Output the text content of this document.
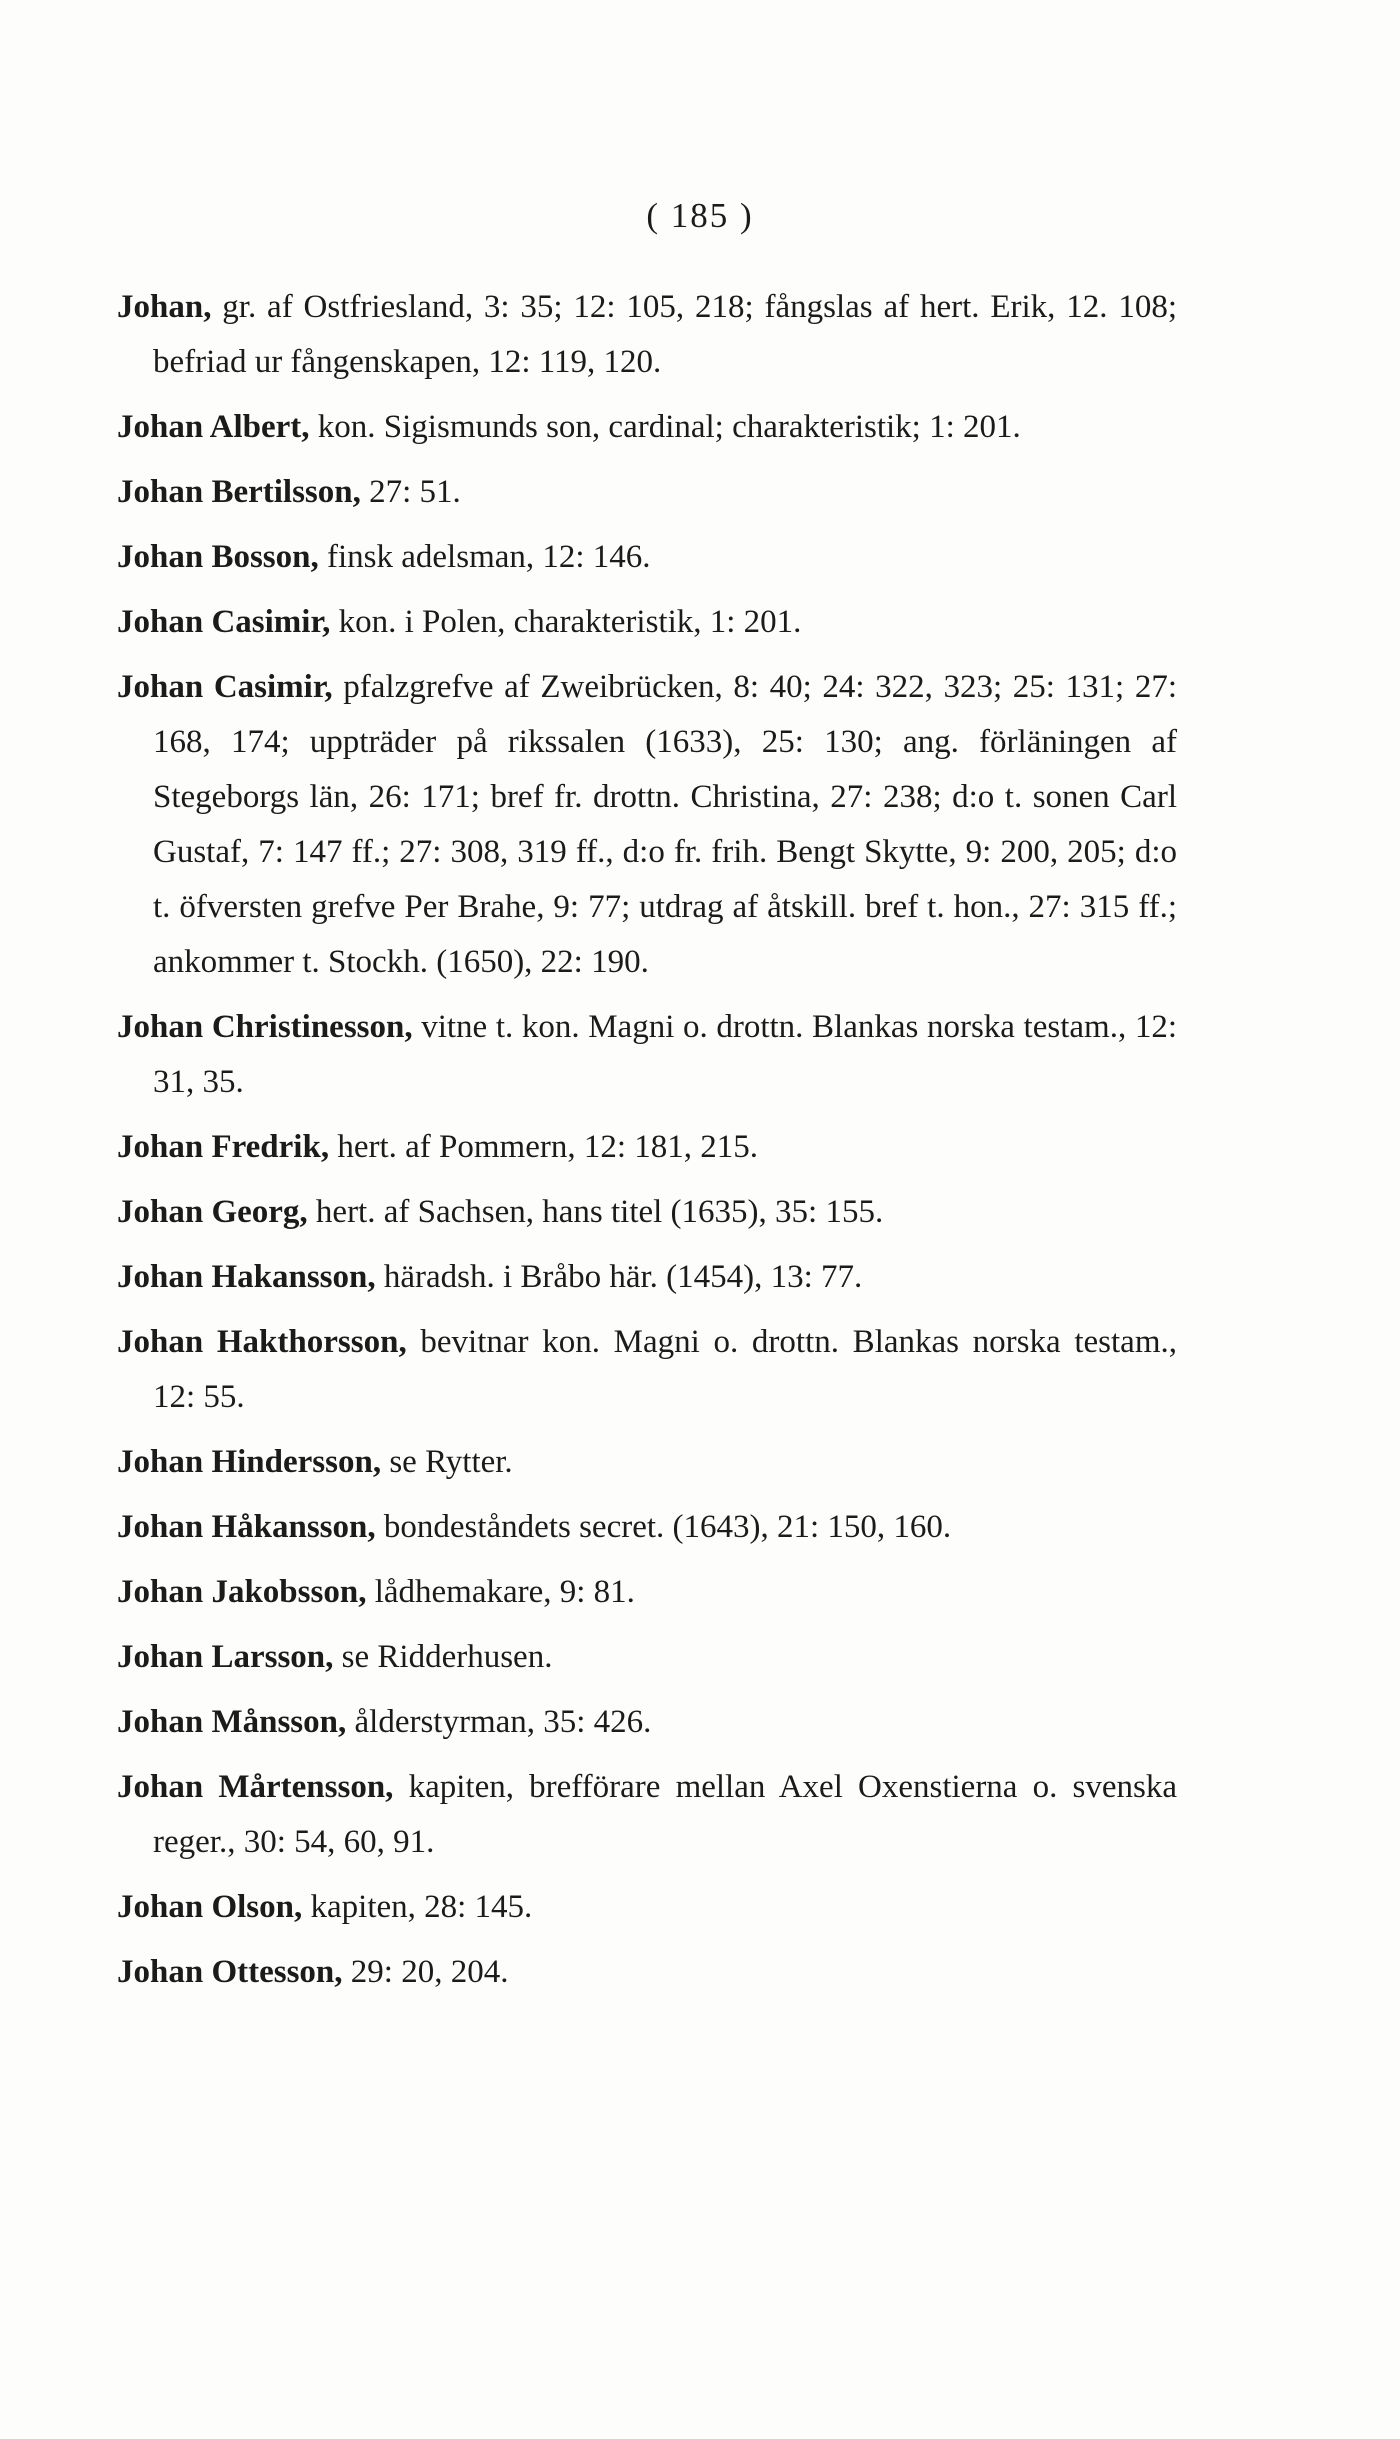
( 185 )

Johan, gr. af Ostfriesland, 3: 35; 12: 105, 218; fångslas af hert. Erik, 12. 108; befriad ur fångenskapen, 12: 119, 120.

Johan Albert, kon. Sigismunds son, cardinal; charakteristik; 1: 201.

Johan Bertilsson, 27: 51.

Johan Bosson, finsk adelsman, 12: 146.

Johan Casimir, kon. i Polen, charakteristik, 1: 201.

Johan Casimir, pfalzgrefve af Zweibrücken, 8: 40; 24: 322, 323; 25: 131; 27: 168, 174; uppträder på rikssalen (1633), 25: 130; ang. förläningen af Stegeborgs län, 26: 171; bref fr. drottn. Christina, 27: 238; d:o t. sonen Carl Gustaf, 7: 147 ff.; 27: 308, 319 ff., d:o fr. frih. Bengt Skytte, 9: 200, 205; d:o t. öfversten grefve Per Brahe, 9: 77; utdrag af åtskill. bref t. hon., 27: 315 ff.; ankommer t. Stockh. (1650), 22: 190.

Johan Christinesson, vitne t. kon. Magni o. drottn. Blankas norska testam., 12: 31, 35.

Johan Fredrik, hert. af Pommern, 12: 181, 215.

Johan Georg, hert. af Sachsen, hans titel (1635), 35: 155.

Johan Hakansson, häradsh. i Bråbo här. (1454), 13: 77.

Johan Hakthorsson, bevitnar kon. Magni o. drottn. Blankas norska testam., 12: 55.

Johan Hindersson, se Rytter.

Johan Håkansson, bondeståndets secret. (1643), 21: 150, 160.

Johan Jakobsson, lådhemakare, 9: 81.

Johan Larsson, se Ridderhusen.

Johan Månsson, ålderstyrman, 35: 426.

Johan Mårtensson, kapiten, brefförare mellan Axel Oxenstierna o. svenska reger., 30: 54, 60, 91.

Johan Olson, kapiten, 28: 145.

Johan Ottesson, 29: 20, 204.
